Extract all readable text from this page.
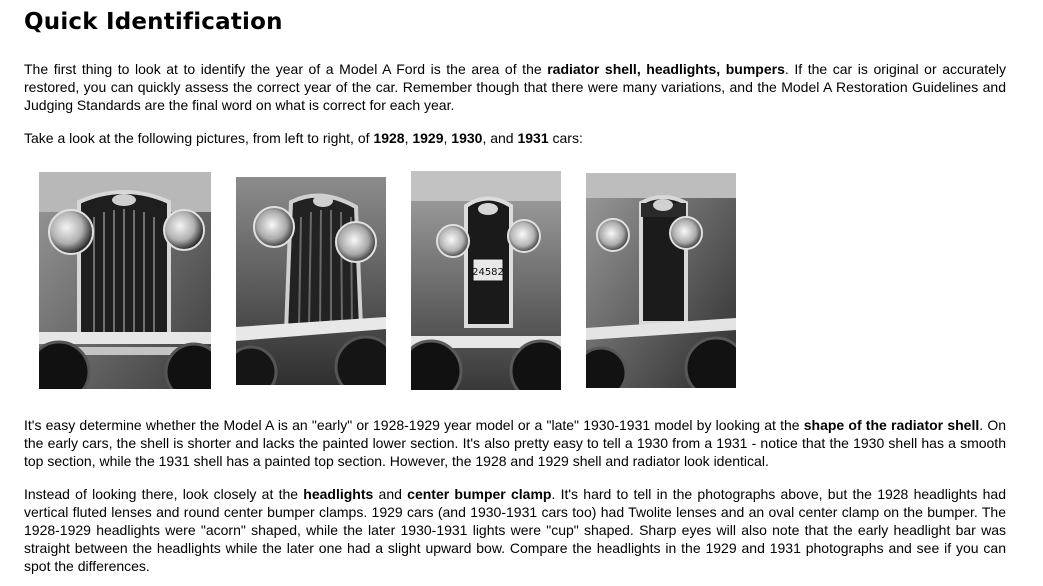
Quick Identification

The first thing to look at to identify the year of a Model A Ford is the area of the radiator shell, headlights, bumpers. If the car is original or accurately restored, you can quickly assess the correct year of the car. Remember though that there were many variations, and the Model A Restoration Guidelines and Judging Standards are the final word on what is correct for each year.

Take a look at the following pictures, from left to right, of 1928, 1929, 1930, and 1931 cars:

24582

It's easy determine whether the Model A is an "early" or 1928-1929 year model or a "late" 1930-1931 model by looking at the shape of the radiator shell. On the early cars, the shell is shorter and lacks the painted lower section. It's also pretty easy to tell a 1930 from a 1931 - notice that the 1930 shell has a smooth top section, while the 1931 shell has a painted top section. However, the 1928 and 1929 shell and radiator look identical.

Instead of looking there, look closely at the headlights and center bumper clamp. It's hard to tell in the photographs above, but the 1928 headlights had vertical fluted lenses and round center bumper clamps. 1929 cars (and 1930-1931 cars too) had Twolite lenses and an oval center clamp on the bumper. The 1928-1929 headlights were "acorn" shaped, while the later 1930-1931 lights were "cup" shaped. Sharp eyes will also note that the early headlight bar was straight between the headlights while the later one had a slight upward bow. Compare the headlights in the 1929 and 1931 photographs and see if you can spot the differences.
